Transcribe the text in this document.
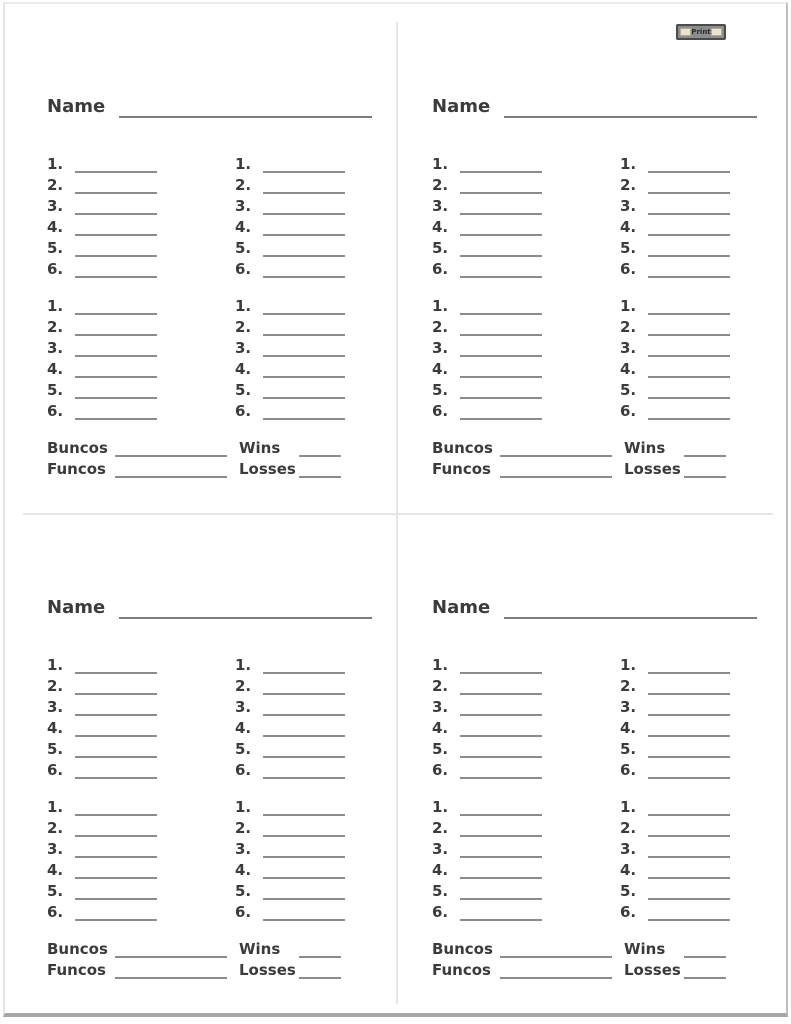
Print
Name
1.
2.
3.
4.
5.
6.
1.
2.
3.
4.
5.
6.
1.
2.
3.
4.
5.
6.
1.
2.
3.
4.
5.
6.
Buncos
Funcos
Wins
Losses
Name
1.
2.
3.
4.
5.
6.
1.
2.
3.
4.
5.
6.
1.
2.
3.
4.
5.
6.
1.
2.
3.
4.
5.
6.
Buncos
Funcos
Wins
Losses
Name
1.
2.
3.
4.
5.
6.
1.
2.
3.
4.
5.
6.
1.
2.
3.
4.
5.
6.
1.
2.
3.
4.
5.
6.
Buncos
Funcos
Wins
Losses
Name
1.
2.
3.
4.
5.
6.
1.
2.
3.
4.
5.
6.
1.
2.
3.
4.
5.
6.
1.
2.
3.
4.
5.
6.
Buncos
Funcos
Wins
Losses
